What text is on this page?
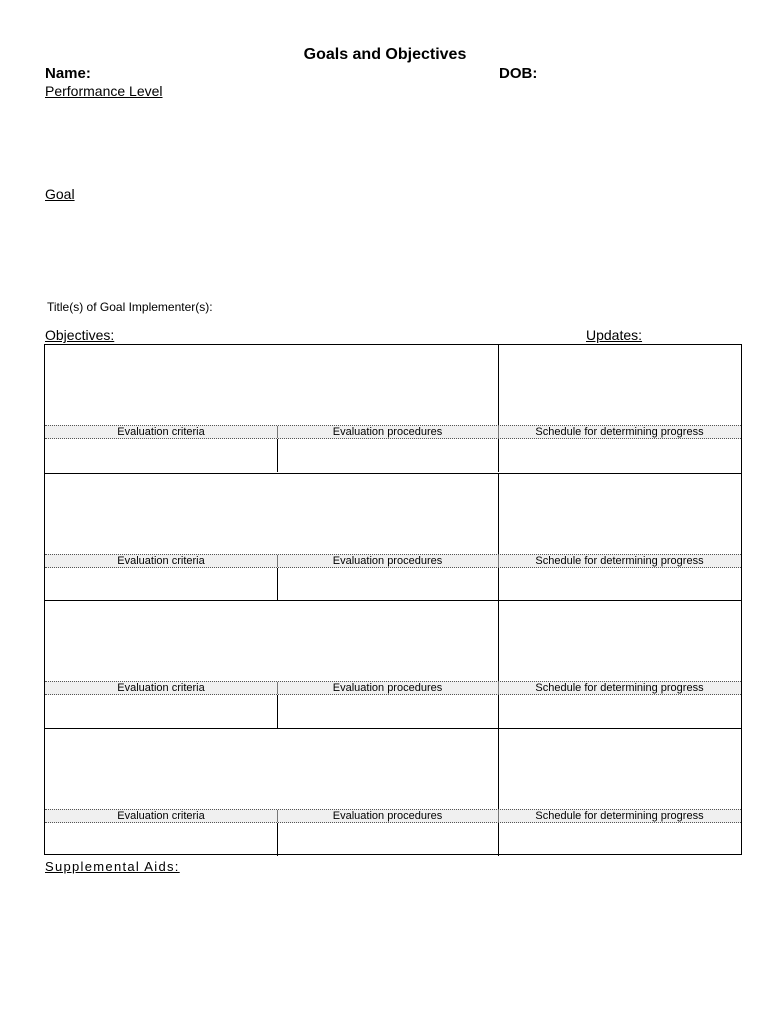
Goals and Objectives
Name:	DOB:
Performance Level
Goal
Title(s) of Goal Implementer(s):
Objectives:	Updates:
Evaluation criteria	Evaluation procedures	Schedule for determining progress
Evaluation criteria	Evaluation procedures	Schedule for determining progress
Evaluation criteria	Evaluation procedures	Schedule for determining progress
Evaluation criteria	Evaluation procedures	Schedule for determining progress
Supplemental Aids:
